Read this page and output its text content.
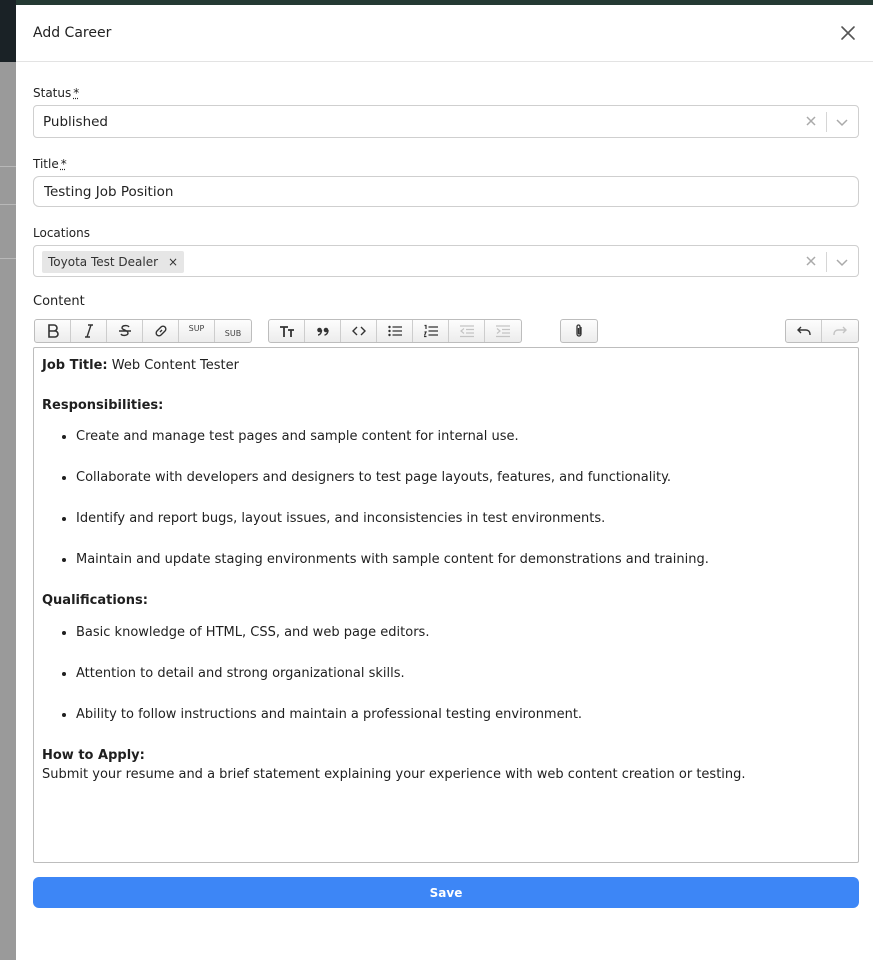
Add Career
Status *
Published
Title *
Testing Job Position
Locations
Toyota Test Dealer ×
Content
SUP
SUB

Job Title: Web Content Tester

Responsibilities:

• Create and manage test pages and sample content for internal use.
• Collaborate with developers and designers to test page layouts, features, and functionality.
• Identify and report bugs, layout issues, and inconsistencies in test environments.
• Maintain and update staging environments with sample content for demonstrations and training.

Qualifications:

• Basic knowledge of HTML, CSS, and web page editors.
• Attention to detail and strong organizational skills.
• Ability to follow instructions and maintain a professional testing environment.

How to Apply:

Submit your resume and a brief statement explaining your experience with web content creation or testing.

Save
